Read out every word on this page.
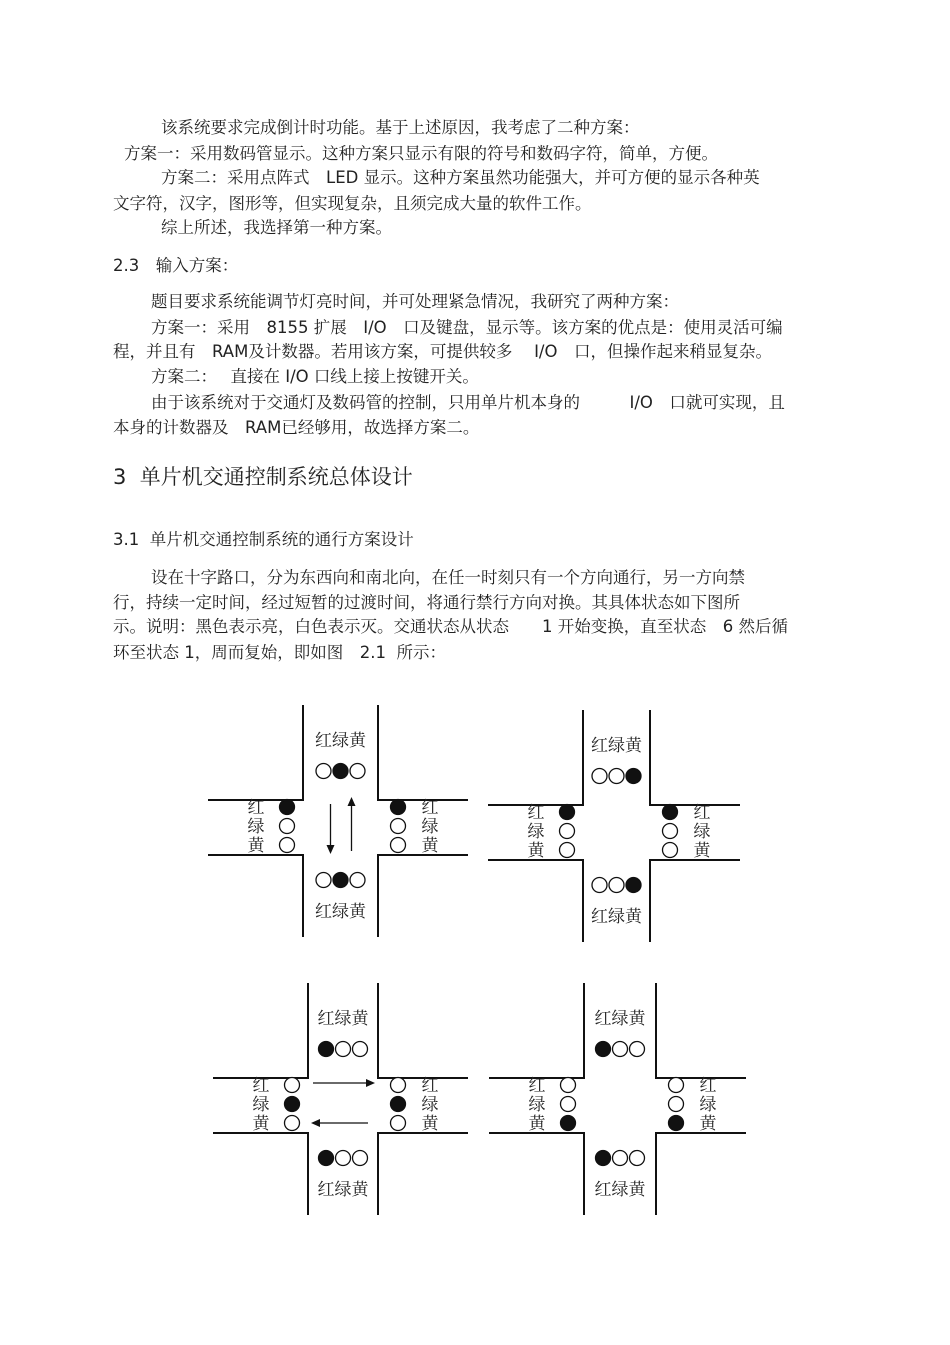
该系统要求完成倒计时功能。基于上述原因，我考虑了二种方案：
方案一：采用数码管显示。这种方案只显示有限的符号和数码字符，简单，方便。
方案二：采用点阵式　LED 显示。这种方案虽然功能强大，并可方便的显示各种英
文字符，汉字，图形等，但实现复杂，且须完成大量的软件工作。
综上所述，我选择第一种方案。
2.3　输入方案：
题目要求系统能调节灯亮时间，并可处理紧急情况，我研究了两种方案：
方案一：采用　8155 扩展　I/O　口及键盘，显示等。该方案的优点是：使用灵活可编
程，并且有　RAM及计数器。若用该方案，可提供较多　 I/O　口，但操作起来稍显复杂。
方案二：　 直接在 I/O 口线上接上按键开关。
由于该系统对于交通灯及数码管的控制，只用单片机本身的　　　I/O　口就可实现，且
本身的计数器及　RAM已经够用，故选择方案二。
3  单片机交通控制系统总体设计
3.1  单片机交通控制系统的通行方案设计
设在十字路口，分为东西向和南北向，在任一时刻只有一个方向通行，另一方向禁
行，持续一定时间，经过短暂的过渡时间，将通行禁行方向对换。其具体状态如下图所
示。说明：黑色表示亮，白色表示灭。交通状态从状态　　1 开始变换，直至状态　6 然后循
环至状态 1，周而复始，即如图　2.1  所示：
红绿黄
红绿黄
红
绿
黄
红
绿
黄
红绿黄
红绿黄
红
绿
黄
红
绿
黄
红绿黄
红绿黄
红
绿
黄
红
绿
黄
红绿黄
红绿黄
红
绿
黄
红
绿
黄
